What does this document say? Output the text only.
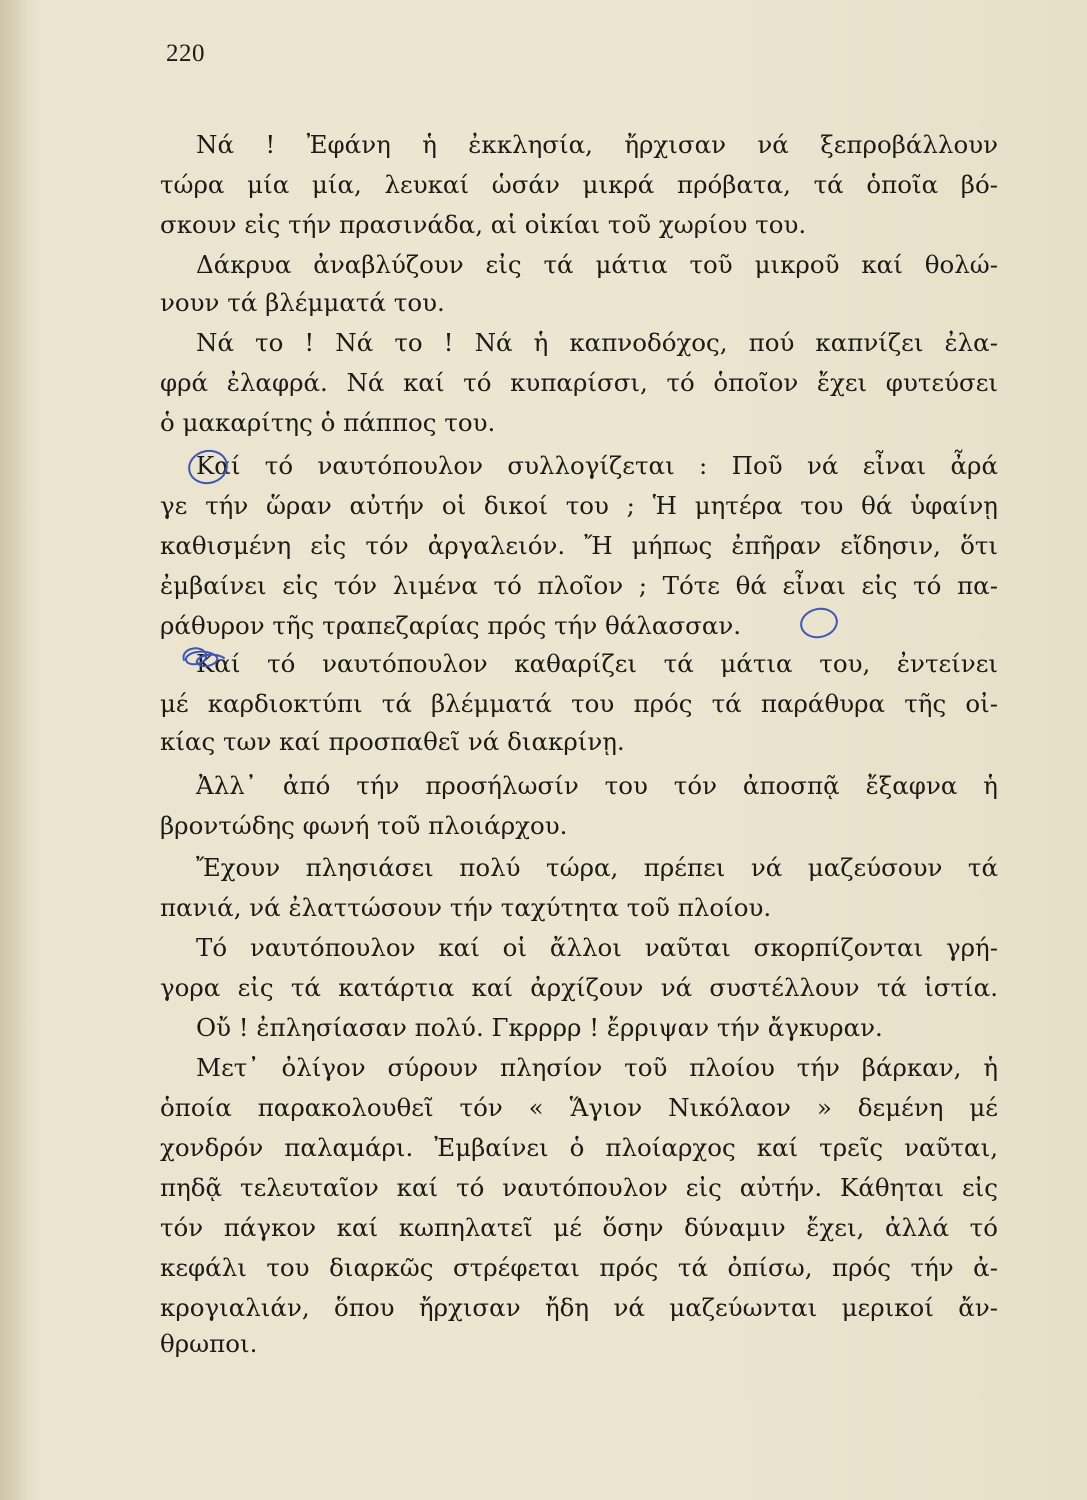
220
Νά ! Ἐφάνη ἡ ἐκκλησία, ἤρχισαν νά ξεπροβάλλουν
τώρα μία μία, λευκαί ὡσάν μικρά πρόβατα, τά ὁποῖα βό-
σκουν εἰς τήν πρασινάδα, αἱ οἰκίαι τοῦ χωρίου του.
Δάκρυα ἀναβλύζουν εἰς τά μάτια τοῦ μικροῦ καί θολώ-
νουν τά βλέμματά του.
Νά το ! Νά το ! Νά ἡ καπνοδόχος, πού καπνίζει ἐλα-
φρά ἐλαφρά. Νά καί τό κυπαρίσσι, τό ὁποῖον ἔχει φυτεύσει
ὁ μακαρίτης ὁ πάππος του.
Καί τό ναυτόπουλον συλλογίζεται : Ποῦ νά εἶναι ἆρά
γε τήν ὥραν αὐτήν οἱ δικοί του ; Ἡ μητέρα του θά ὑφαίνῃ
καθισμένη εἰς τόν ἀργαλειόν. Ἤ μήπως ἐπῆραν εἴδησιν, ὅτι
ἐμβαίνει εἰς τόν λιμένα τό πλοῖον ; Τότε θά εἶναι εἰς τό πα-
ράθυρον τῆς τραπεζαρίας πρός τήν θάλασσαν.
Καί τό ναυτόπουλον καθαρίζει τά μάτια του, ἐντείνει
μέ καρδιοκτύπι τά βλέμματά του πρός τά παράθυρα τῆς οἰ-
κίας των καί προσπαθεῖ νά διακρίνῃ.
Ἀλλ᾽ ἀπό τήν προσήλωσίν του τόν ἀποσπᾷ ἔξαφνα ἡ
βροντώδης φωνή τοῦ πλοιάρχου.
Ἔχουν πλησιάσει πολύ τώρα, πρέπει νά μαζεύσουν τά
πανιά, νά ἐλαττώσουν τήν ταχύτητα τοῦ πλοίου.
Τό ναυτόπουλον καί οἱ ἄλλοι ναῦται σκορπίζονται γρή-
γορα εἰς τά κατάρτια καί ἀρχίζουν νά συστέλλουν τά ἱστία.
Οὔ ! ἐπλησίασαν πολύ. Γκρρρρ ! ἔρριψαν τήν ἄγκυραν.
Μετ᾽ ὀλίγον σύρουν πλησίον τοῦ πλοίου τήν βάρκαν, ἡ
ὁποία παρακολουθεῖ τόν « Ἅγιον Νικόλαον » δεμένη μέ
χονδρόν παλαμάρι. Ἐμβαίνει ὁ πλοίαρχος καί τρεῖς ναῦται,
πηδᾷ τελευταῖον καί τό ναυτόπουλον εἰς αὐτήν. Κάθηται εἰς
τόν πάγκον καί κωπηλατεῖ μέ ὅσην δύναμιν ἔχει, ἀλλά τό
κεφάλι του διαρκῶς στρέφεται πρός τά ὀπίσω, πρός τήν ἀ-
κρογιαλιάν, ὅπου ἤρχισαν ἤδη νά μαζεύωνται μερικοί ἄν-
θρωποι.
